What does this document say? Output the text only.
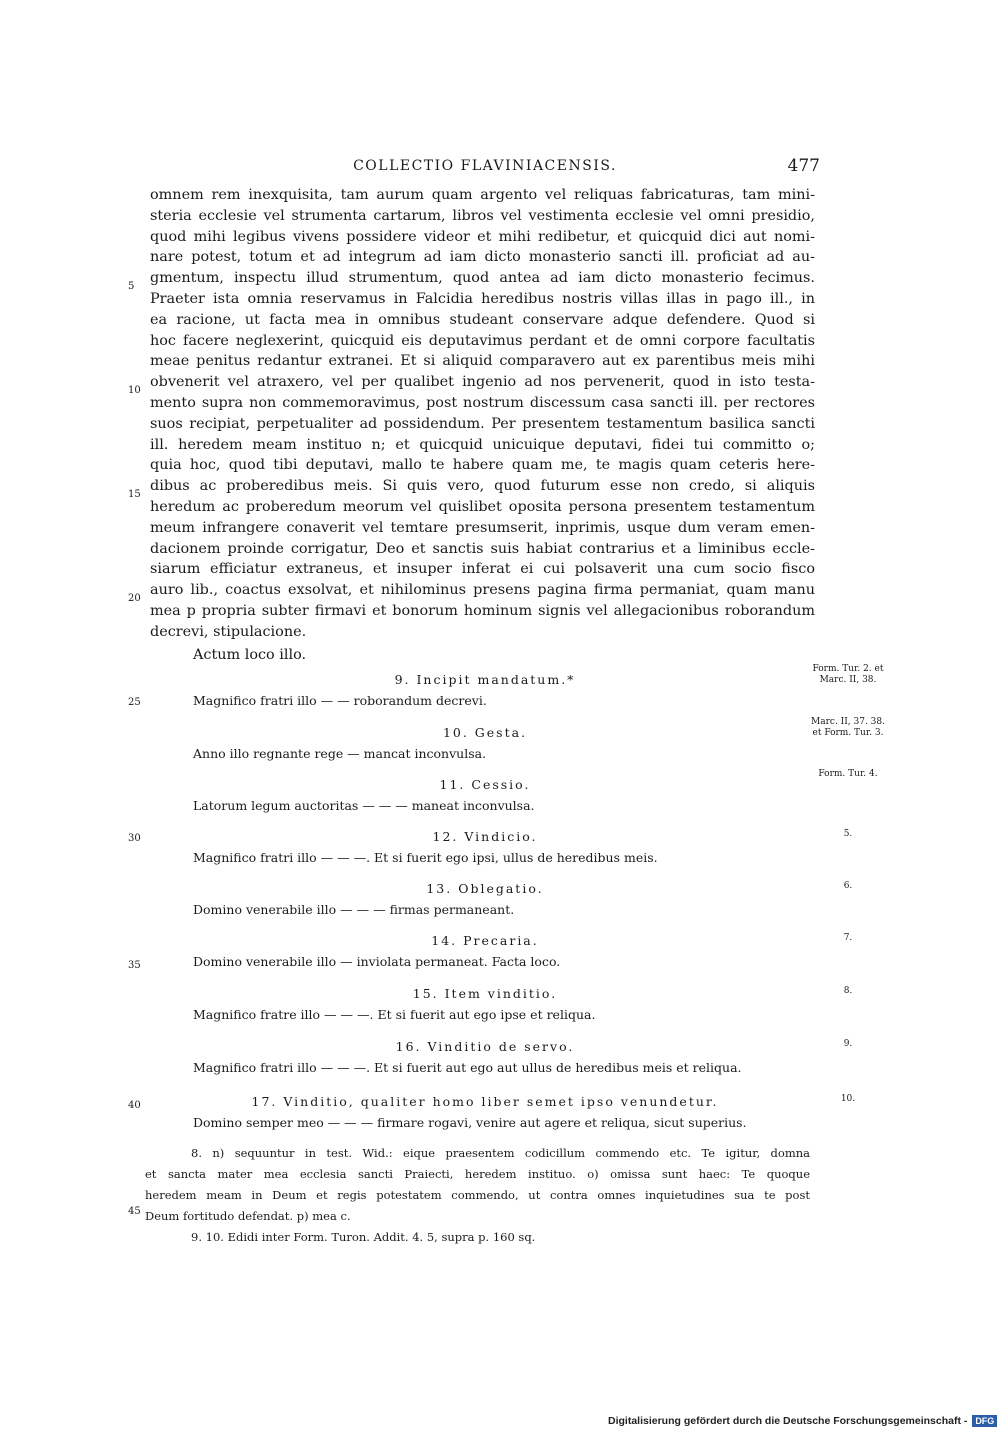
COLLECTIO FLAVINIACENSIS.	477
omnem rem inexquisita, tam aurum quam argento vel reliquas fabricaturas, tam mini-
steria ecclesie vel strumenta cartarum, libros vel vestimenta ecclesie vel omni presidio,
quod mihi legibus vivens possidere videor et mihi redibetur, et quicquid dici aut nomi-
nare potest, totum et ad integrum ad iam dicto monasterio sancti ill. proficiat ad au-
gmentum, inspectu illud strumentum, quod antea ad iam dicto monasterio fecimus.
Praeter ista omnia reservamus in Falcidia heredibus nostris villas illas in pago ill., in
ea racione, ut facta mea in omnibus studeant conservare adque defendere. Quod si
hoc facere neglexerint, quicquid eis deputavimus perdant et de omni corpore facultatis
meae penitus redantur extranei. Et si aliquid comparavero aut ex parentibus meis mihi
obvenerit vel atraxero, vel per qualibet ingenio ad nos pervenerit, quod in isto testa-
mento supra non commemoravimus, post nostrum discessum casa sancti ill. per rectores
suos recipiat, perpetualiter ad possidendum. Per presentem testamentum basilica sancti
ill. heredem meam instituo n; et quicquid unicuique deputavi, fidei tui committo o;
quia hoc, quod tibi deputavi, mallo te habere quam me, te magis quam ceteris here-
dibus ac proberedibus meis. Si quis vero, quod futurum esse non credo, si aliquis
heredum ac proberedum meorum vel quislibet oposita persona presentem testamentum
meum infrangere conaverit vel temtare presumserit, inprimis, usque dum veram emen-
dacionem proinde corrigatur, Deo et sanctis suis habiat contrarius et a liminibus eccle-
siarum efficiatur extraneus, et insuper inferat ei cui polsaverit una cum socio fisco
auro lib., coactus exsolvat, et nihilominus presens pagina firma permaniat, quam manu
mea p propria subter firmavi et bonorum hominum signis vel allegacionibus roborandum
decrevi, stipulacione.
5
10
15
20
25
30
35
40
45
Actum loco illo.
9. Incipit mandatum.*
Magnifico fratri illo — — roborandum decrevi.
Form. Tur. 2. et Marc. II, 38.
10. Gesta.
Anno illo regnante rege — mancat inconvulsa.
Marc. II, 37. 38. et Form. Tur. 3.
11. Cessio.
Latorum legum auctoritas — — — maneat inconvulsa.
Form. Tur. 4.
12. Vindicio.
Magnifico fratri illo — — —. Et si fuerit ego ipsi, ullus de heredibus meis.
5.
13. Oblegatio.
Domino venerabile illo — — — firmas permaneant.
6.
14. Precaria.
Domino venerabile illo — inviolata permaneat. Facta loco.
7.
15. Item vinditio.
Magnifico fratre illo — — —. Et si fuerit aut ego ipse et reliqua.
8.
16. Vinditio de servo.
Magnifico fratri illo — — —. Et si fuerit aut ego aut ullus de heredibus meis et reliqua.
9.
17. Vinditio, qualiter homo liber semet ipso venundetur.
Domino semper meo — — — firmare rogavi, venire aut agere et reliqua, sicut superius.
10.
8. n) sequuntur in test. Wid.: eique praesentem codicillum commendo etc. Te igitur, domna
et sancta mater mea ecclesia sancti Praiecti, heredem instituo. o) omissa sunt haec: Te quoque
heredem meam in Deum et regis potestatem commendo, ut contra omnes inquietudines sua te post
Deum fortitudo defendat. p) mea c.
9. 10. Edidi inter Form. Turon. Addit. 4. 5, supra p. 160 sq.
Digitalisierung gefördert durch die Deutsche Forschungsgemeinschaft - DFG
